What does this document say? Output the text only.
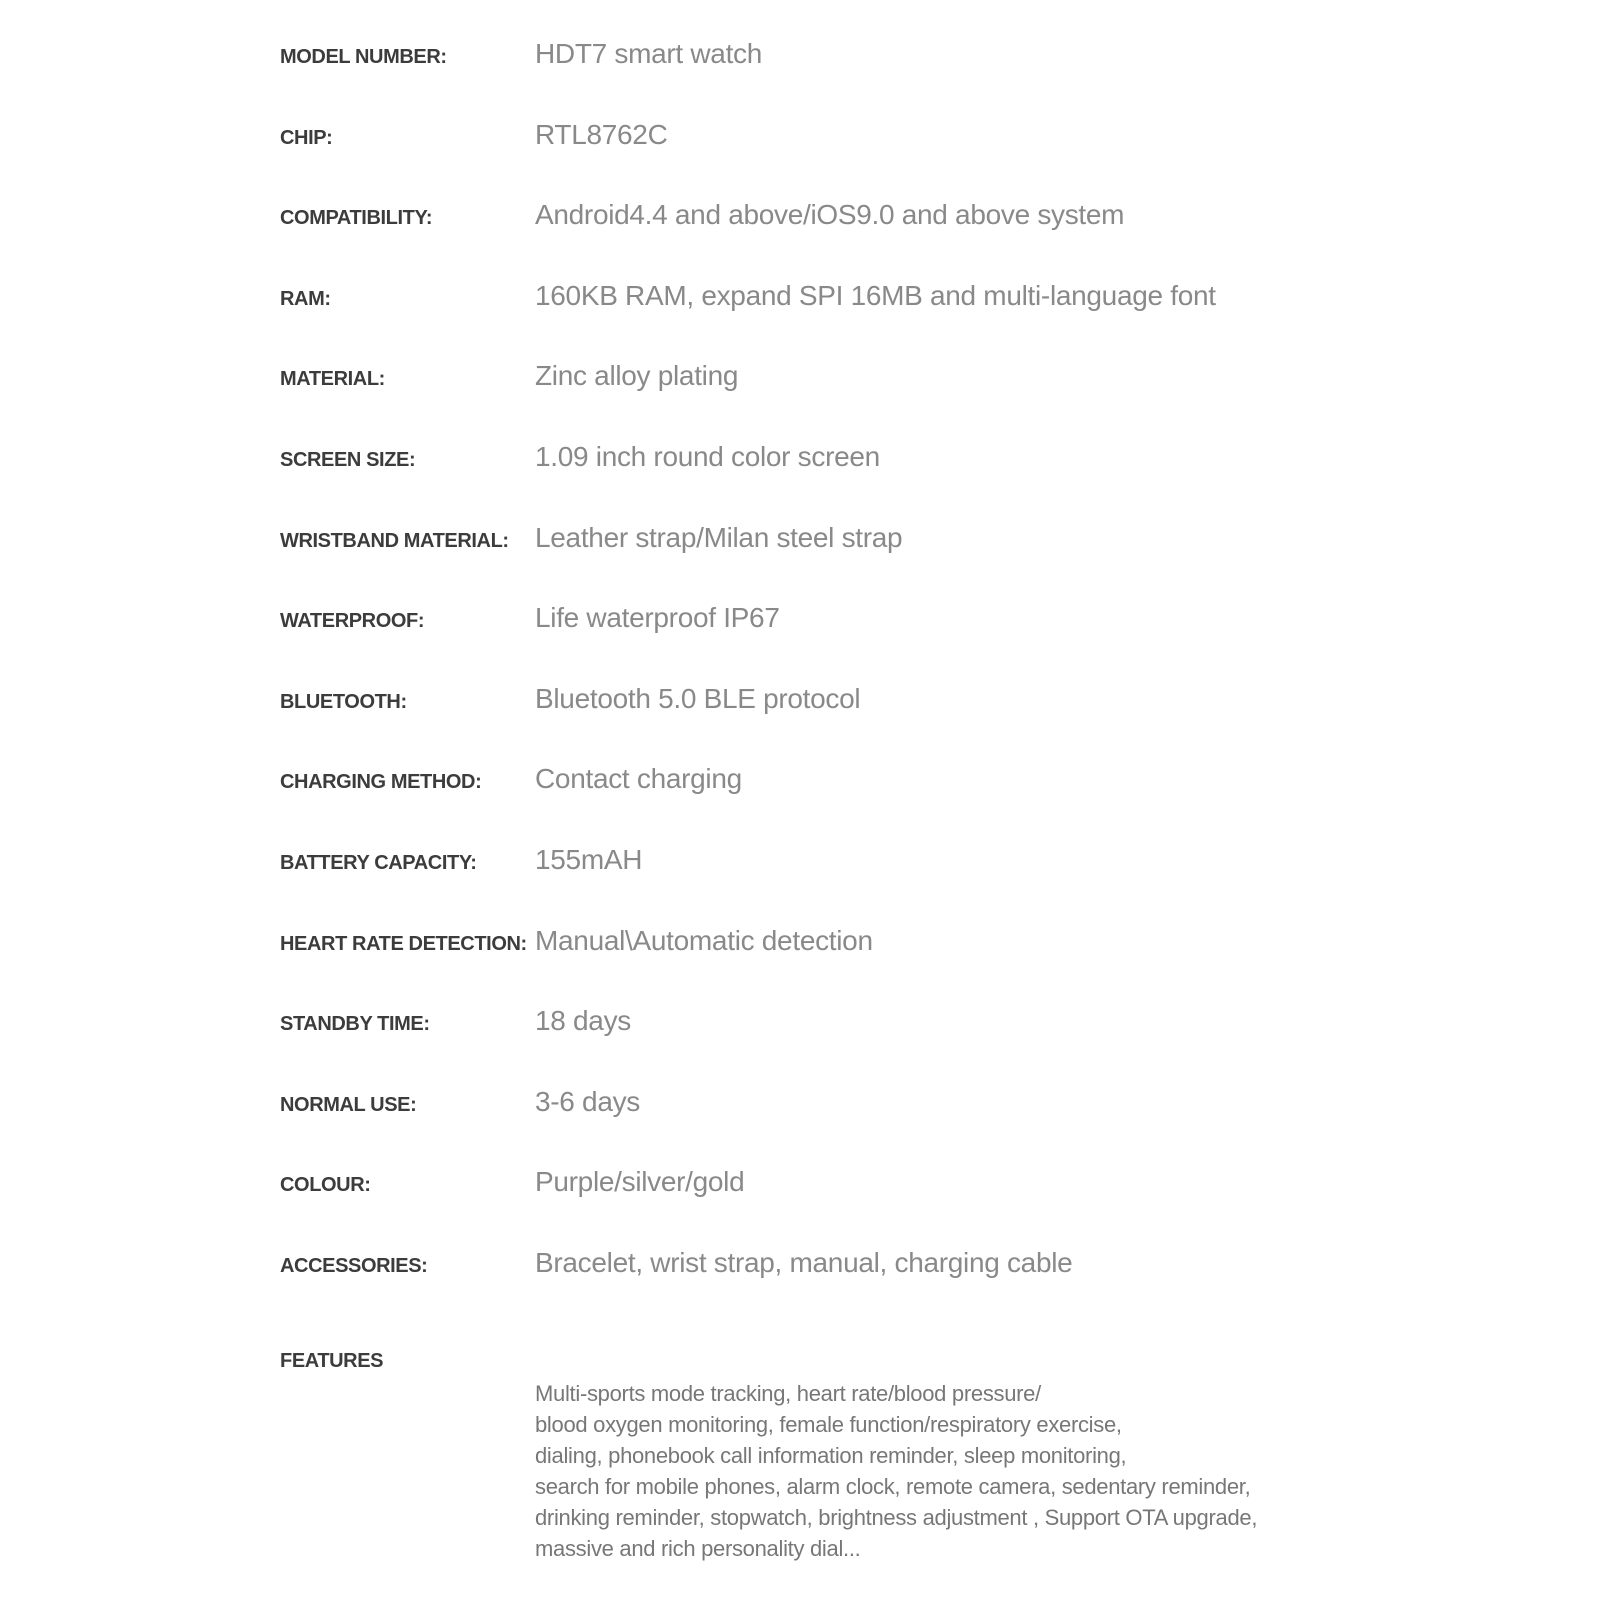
MODEL NUMBER:	HDT7 smart watch
CHIP:	RTL8762C
COMPATIBILITY:	Android4.4 and above/iOS9.0 and above system
RAM:	160KB RAM, expand SPI 16MB and multi-language font
MATERIAL:	Zinc alloy plating
SCREEN SIZE:	1.09 inch round color screen
WRISTBAND MATERIAL: Leather strap/Milan steel strap
WATERPROOF:	Life waterproof IP67
BLUETOOTH:	Bluetooth 5.0 BLE protocol
CHARGING METHOD:	Contact charging
BATTERY CAPACITY:	155mAH
HEART RATE DETECTION: Manual\Automatic detection
STANDBY TIME:	18 days
NORMAL USE:	3-6 days
COLOUR:	Purple/silver/gold
ACCESSORIES:	Bracelet, wrist strap, manual, charging cable
FEATURES
Multi-sports mode tracking, heart rate/blood pressure/
blood oxygen monitoring, female function/respiratory exercise,
dialing, phonebook call information reminder, sleep monitoring,
search for mobile phones, alarm clock, remote camera, sedentary reminder,
drinking reminder, stopwatch, brightness adjustment , Support OTA upgrade,
massive and rich personality dial...
